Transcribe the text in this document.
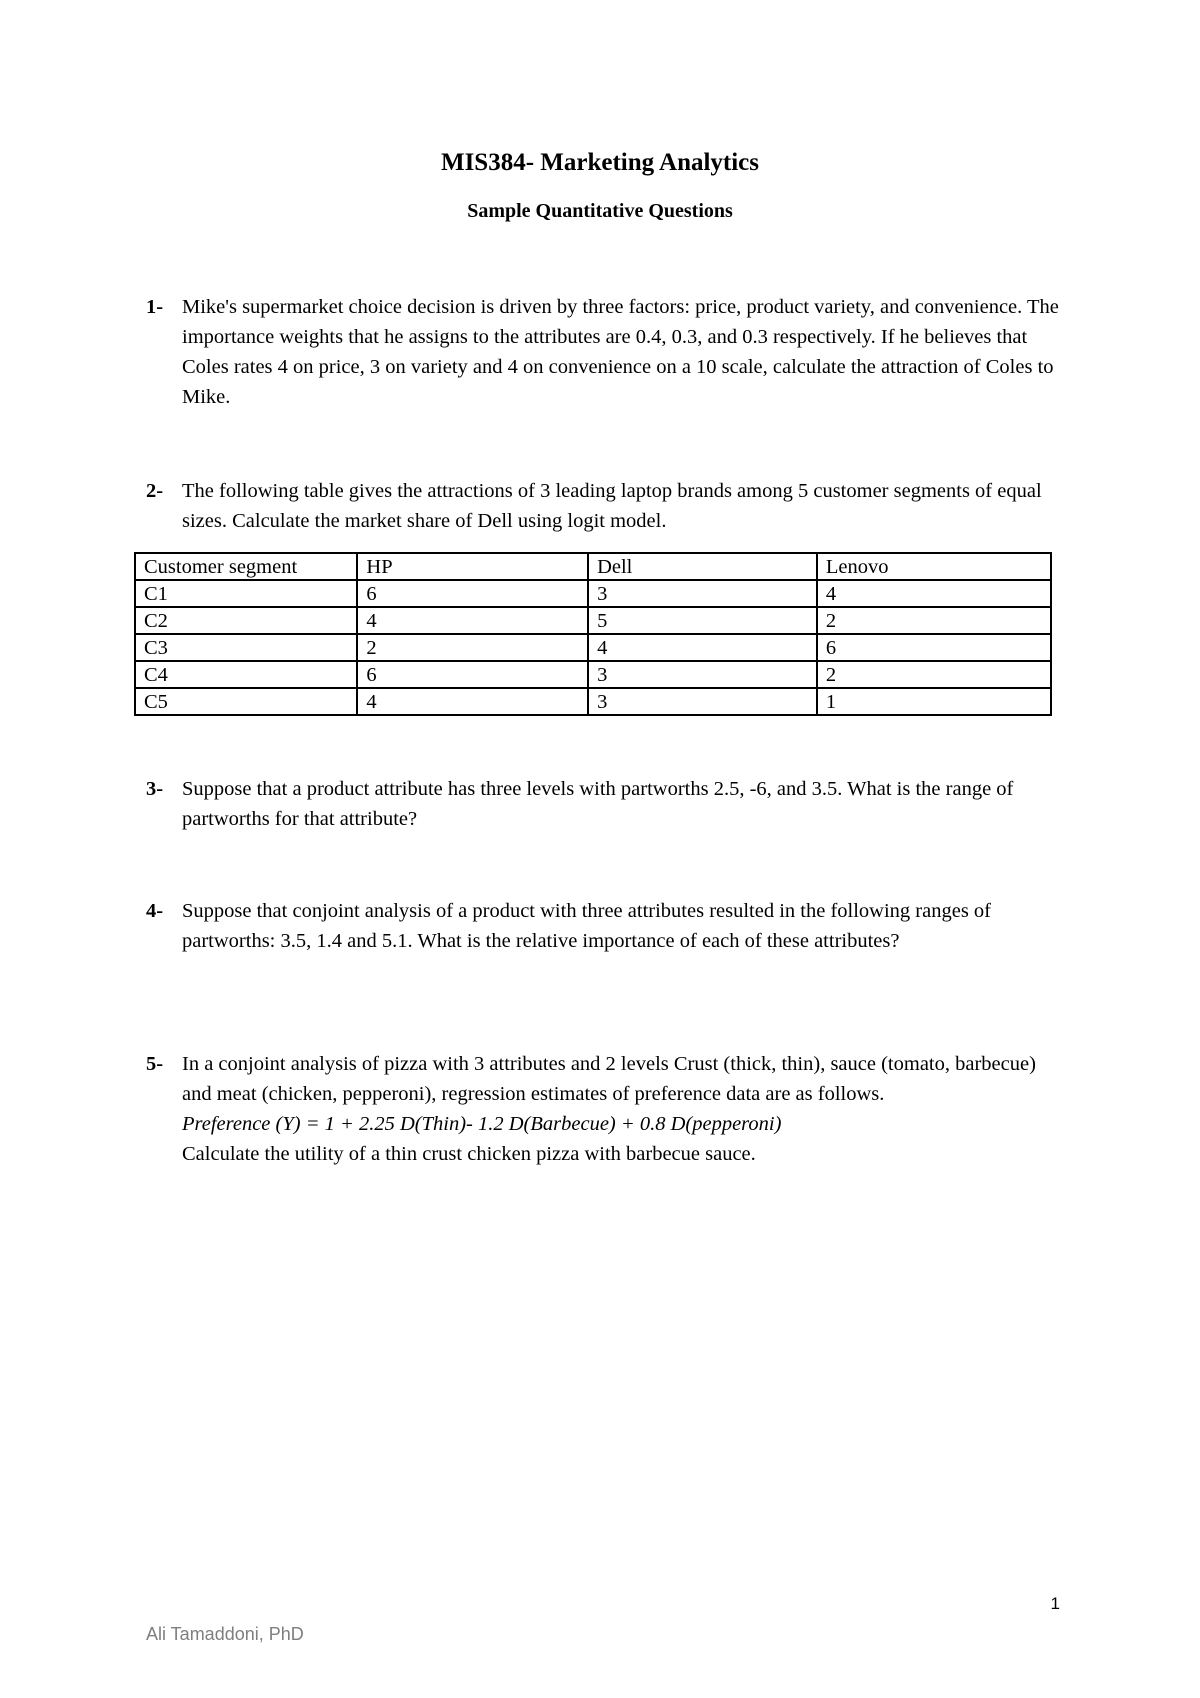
MIS384- Marketing Analytics
Sample Quantitative Questions
1- Mike's supermarket choice decision is driven by three factors: price, product variety, and convenience. The importance weights that he assigns to the attributes are 0.4, 0.3, and 0.3 respectively. If he believes that Coles rates 4 on price, 3 on variety and 4 on convenience on a 10 scale, calculate the attraction of Coles to Mike.
2- The following table gives the attractions of 3 leading laptop brands among 5 customer segments of equal sizes. Calculate the market share of Dell using logit model.
Customer segment	HP	Dell	Lenovo
C1	6	3	4
C2	4	5	2
C3	2	4	6
C4	6	3	2
C5	4	3	1
3- Suppose that a product attribute has three levels with partworths 2.5, -6, and 3.5. What is the range of partworths for that attribute?
4- Suppose that conjoint analysis of a product with three attributes resulted in the following ranges of partworths: 3.5, 1.4 and 5.1. What is the relative importance of each of these attributes?
5- In a conjoint analysis of pizza with 3 attributes and 2 levels Crust (thick, thin), sauce (tomato, barbecue) and meat (chicken, pepperoni), regression estimates of preference data are as follows.
Preference (Y) = 1 + 2.25 D(Thin)- 1.2 D(Barbecue) + 0.8 D(pepperoni)
Calculate the utility of a thin crust chicken pizza with barbecue sauce.
1
Ali Tamaddoni, PhD
